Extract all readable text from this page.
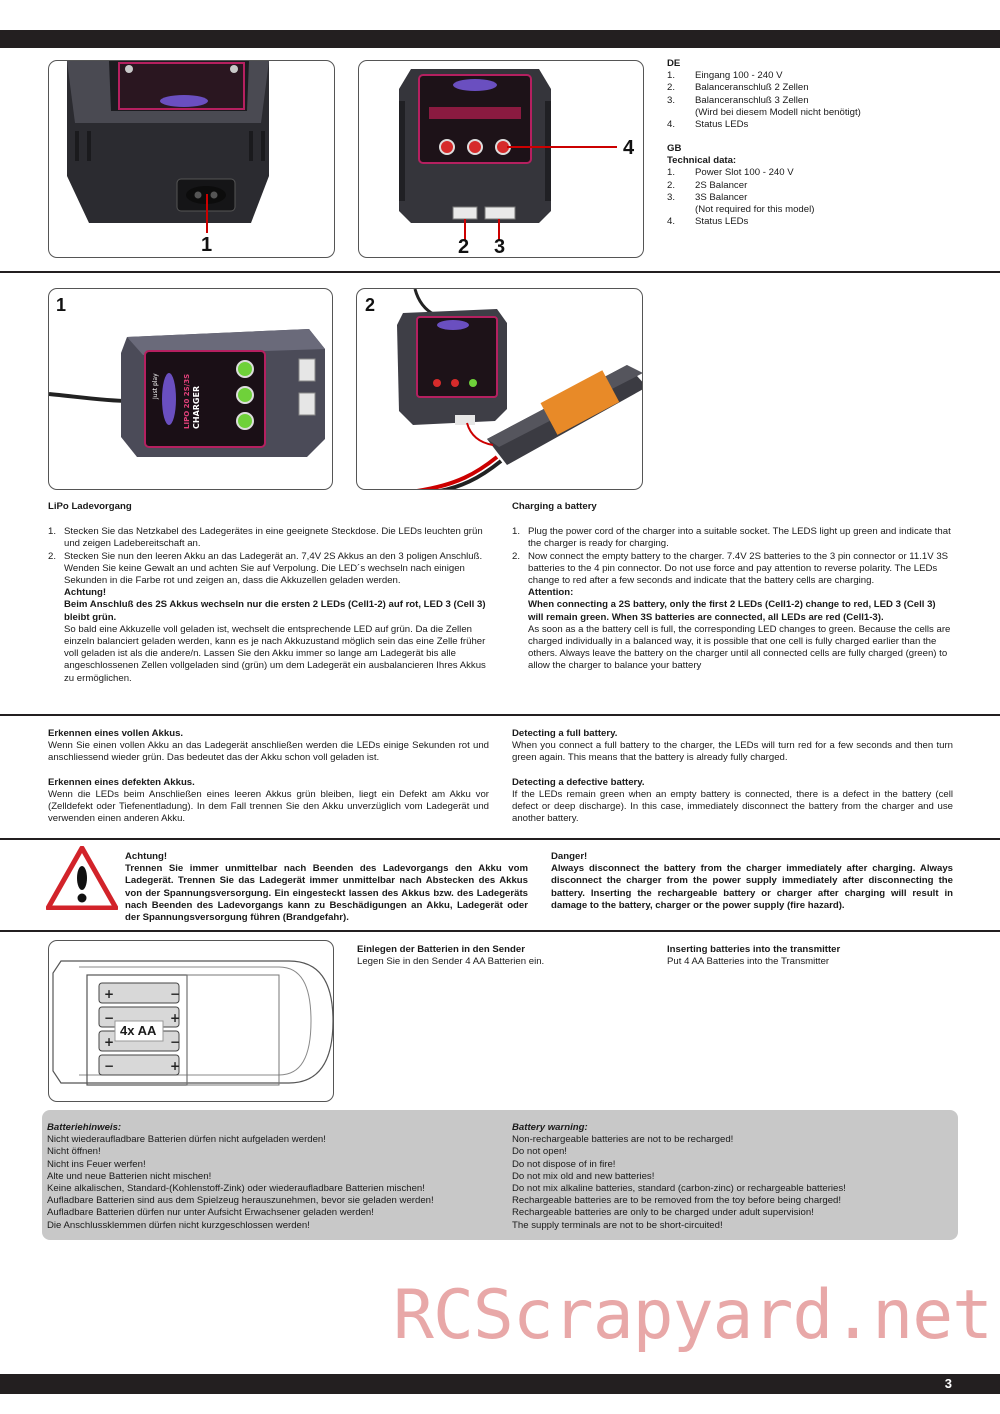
3
1	2 3
4
DE
1. Eingang 100 - 240 V
2. Balanceranschluß 2 Zellen
3. Balanceranschluß 3 Zellen
(Wird bei diesem Modell nicht benötigt)
4. Status LEDs
GB
Technical data:
1. Power Slot 100 - 240 V
2. 2S Balancer
3. 3S Balancer
(Not required for this model)
4. Status LEDs
1
Just play	LIPO 20 2S/3S CHARGER
2
LiPo Ladevorgang
1. Stecken Sie das Netzkabel des Ladegerätes in eine geeignete Steckdose. Die LEDs leuchten grün und zeigen Ladebereitschaft an.
2. Stecken Sie nun den leeren Akku an das Ladegerät an. 7,4V 2S Akkus an den 3 poligen Anschluß. Wenden Sie keine Gewalt an und achten Sie auf Verpolung. Die LED´s wechseln nach einigen Sekunden in die Farbe rot und zeigen an, dass die Akkuzellen geladen werden.
Achtung!
Beim Anschluß des 2S Akkus wechseln nur die ersten 2 LEDs (Cell1-2) auf rot, LED 3 (Cell 3) bleibt grün.
So bald eine Akkuzelle voll geladen ist, wechselt die entsprechende LED auf grün. Da die Zellen einzeln balanciert geladen werden, kann es je nach Akkuzustand möglich sein das eine Zelle früher voll geladen ist als die andere/n. Lassen Sie den Akku immer so lange am Ladegerät bis alle angeschlossenen Zellen vollgeladen sind (grün) um dem Ladegerät ein ausbalancieren Ihres Akkus zu ermöglichen.
Charging a battery
1. Plug the power cord of the charger into a suitable socket. The LEDS light up green and indicate that the charger is ready for charging.
2. Now connect the empty battery to the charger. 7.4V 2S batteries to the 3 pin connector or 11.1V 3S batteries to the 4 pin connector. Do not use force and pay attention to reverse polarity. The LEDs change to red after a few seconds and indicate that the battery cells are charging.
Attention:
When connecting a 2S battery, only the first 2 LEDs (Cell1-2) change to red, LED 3 (Cell 3) will remain green. When 3S batteries are connected, all LEDs are red (Cell1-3).
As soon as a the battery cell is full, the corresponding LED changes to green. Because the cells are charged individually in a balanced way, it is possible that one cell is fully charged earlier than the others. Always leave the battery on the charger until all connected cells are fully charged (green) to allow the charger to balance your battery
Erkennen eines vollen Akkus.
Wenn Sie einen vollen Akku an das Ladegerät anschließen werden die LEDs einige Sekunden rot und anschliessend wieder grün. Das bedeutet das der Akku schon voll geladen ist.
Erkennen eines defekten Akkus.
Wenn die LEDs beim Anschließen eines leeren Akkus grün bleiben, liegt ein Defekt am Akku vor (Zelldefekt oder Tiefenentladung). In dem Fall trennen Sie den Akku unverzüglich vom Ladegerät und verwenden einen anderen Akku.
Detecting a full battery.
When you connect a full battery to the charger, the LEDs will turn red for a few seconds and then turn green again. This means that the battery is already fully charged.
Detecting a defective battery.
If the LEDs remain green when an empty battery is connected, there is a defect in the battery (cell defect or deep discharge). In this case, immediately disconnect the battery from the charger and use another battery.
Achtung!
Trennen Sie immer unmittelbar nach Beenden des Ladevorgangs den Akku vom Ladegerät. Trennen Sie das Ladegerät immer unmittelbar nach Abstecken des Akkus von der Spannungsversorgung. Ein eingesteckt lassen des Akkus bzw. des Ladegeräts nach Beenden des Ladevorgangs kann zu Beschädigungen an Akku, Ladegerät oder der Spannungsversorgung führen (Brandgefahr).
Danger!
Always disconnect the battery from the charger immediately after charging. Always disconnect the charger from the power supply immediately after disconnecting the battery. Inserting the rechargeable battery or charger after charging will result in damage to the battery, charger or the power supply (fire hazard).
+	−
−	+
+	−
−	+
4x AA
Einlegen der Batterien in den Sender
Legen Sie in den Sender 4 AA Batterien ein.
Inserting batteries into the transmitter
Put 4 AA Batteries into the Transmitter
Batteriehinweis:
Nicht wiederaufladbare Batterien dürfen nicht aufgeladen werden!
Nicht öffnen!
Nicht ins Feuer werfen!
Alte und neue Batterien nicht mischen!
Keine alkalischen, Standard-(Kohlenstoff-Zink) oder wiederaufladbare Batterien mischen!
Aufladbare Batterien sind aus dem Spielzeug herauszunehmen, bevor sie geladen werden!
Aufladbare Batterien dürfen nur unter Aufsicht Erwachsener geladen werden!
Die Anschlussklemmen dürfen nicht kurzgeschlossen werden!
Battery warning:
Non-rechargeable batteries are not to be recharged!
Do not open!
Do not dispose of in fire!
Do not mix old and new batteries!
Do not mix alkaline batteries, standard (carbon-zinc) or rechargeable batteries!
Rechargeable batteries are to be removed from the toy before being charged!
Rechargeable batteries are only to be charged under adult supervision!
The supply terminals are not to be short-circuited!
RCScrapyard.net
